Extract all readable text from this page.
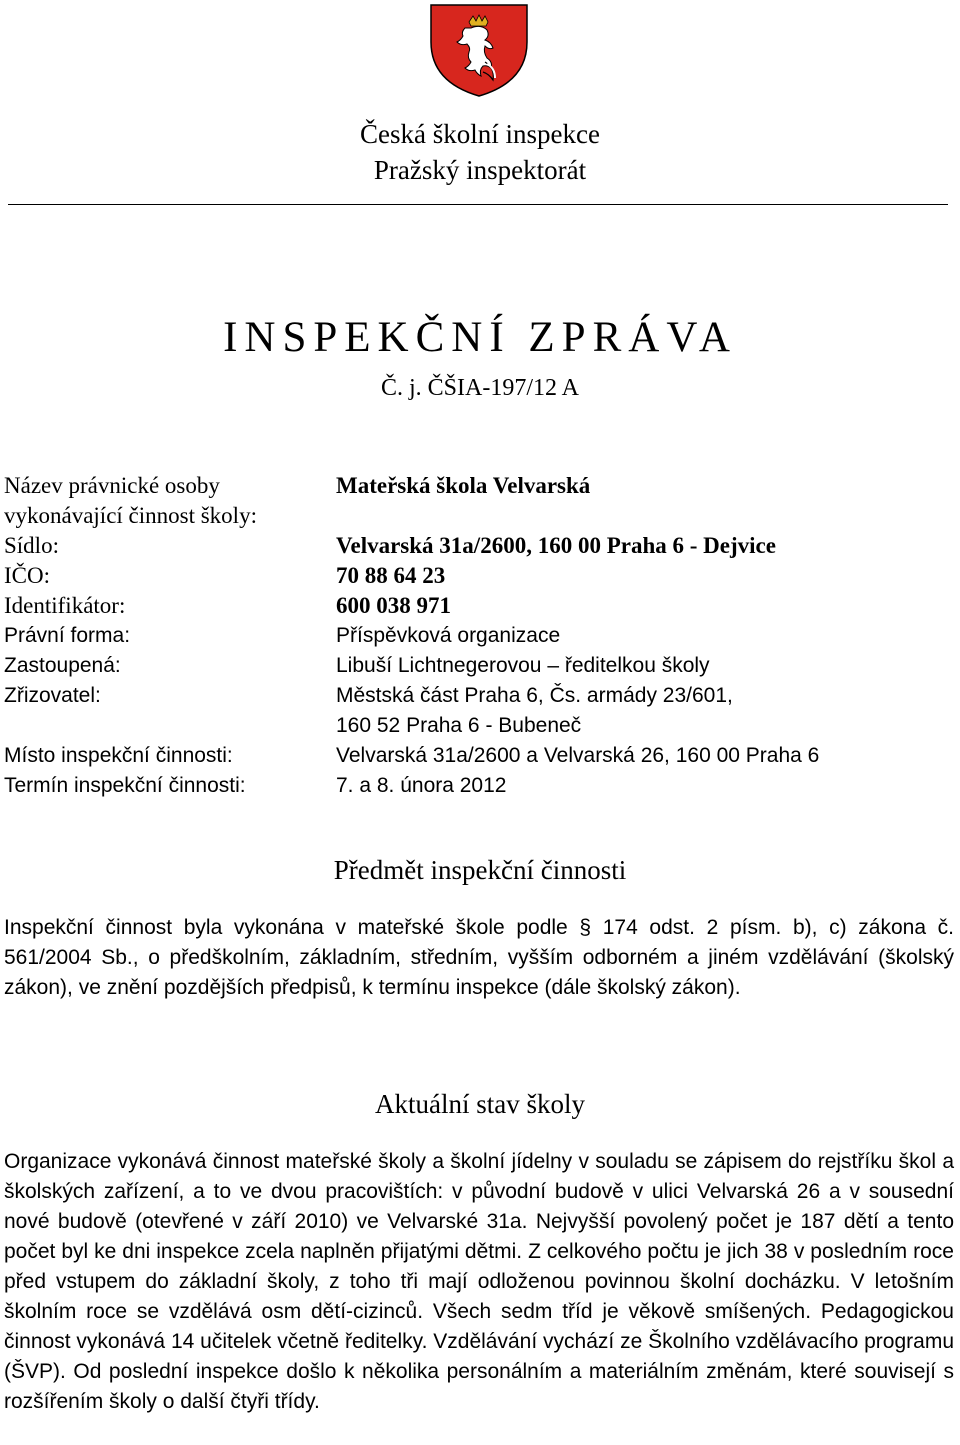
Česká školní inspekce
Pražský inspektorát
INSPEKČNÍ ZPRÁVA
Č. j. ČŠIA-197/12 A
Název právnické osoby	Mateřská škola Velvarská
vykonávající činnost školy:
Sídlo:	Velvarská 31a/2600, 160 00 Praha 6 - Dejvice
IČO:	70 88 64 23
Identifikátor:	600 038 971
Právní forma:	Příspěvková organizace
Zastoupená:	Libuší Lichtnegerovou – ředitelkou školy
Zřizovatel:	Městská část Praha 6, Čs. armády 23/601,
160 52 Praha 6 - Bubeneč
Místo inspekční činnosti:	Velvarská 31a/2600 a Velvarská 26, 160 00 Praha 6
Termín inspekční činnosti:	7. a 8. února 2012
Předmět inspekční činnosti
Inspekční činnost byla vykonána v mateřské škole podle § 174 odst. 2 písm. b), c) zákona č. 561/2004 Sb., o předškolním, základním, středním, vyšším odborném a jiném vzdělávání (školský zákon), ve znění pozdějších předpisů, k termínu inspekce (dále školský zákon).
Aktuální stav školy
Organizace vykonává činnost mateřské školy a školní jídelny v souladu se zápisem do rejstříku škol a školských zařízení, a to ve dvou pracovištích: v původní budově v ulici Velvarská 26 a v sousední nové budově (otevřené v září 2010) ve Velvarské 31a. Nejvyšší povolený počet je 187 dětí a tento počet byl ke dni inspekce zcela naplněn přijatými dětmi. Z celkového počtu je jich 38 v posledním roce před vstupem do základní školy, z toho tři mají odloženou povinnou školní docházku. V letošním školním roce se vzdělává osm dětí-cizinců. Všech sedm tříd je věkově smíšených. Pedagogickou činnost vykonává 14 učitelek včetně ředitelky. Vzdělávání vychází ze Školního vzdělávacího programu (ŠVP). Od poslední inspekce došlo k několika personálním a materiálním změnám, které souvisejí s rozšířením školy o další čtyři třídy.
